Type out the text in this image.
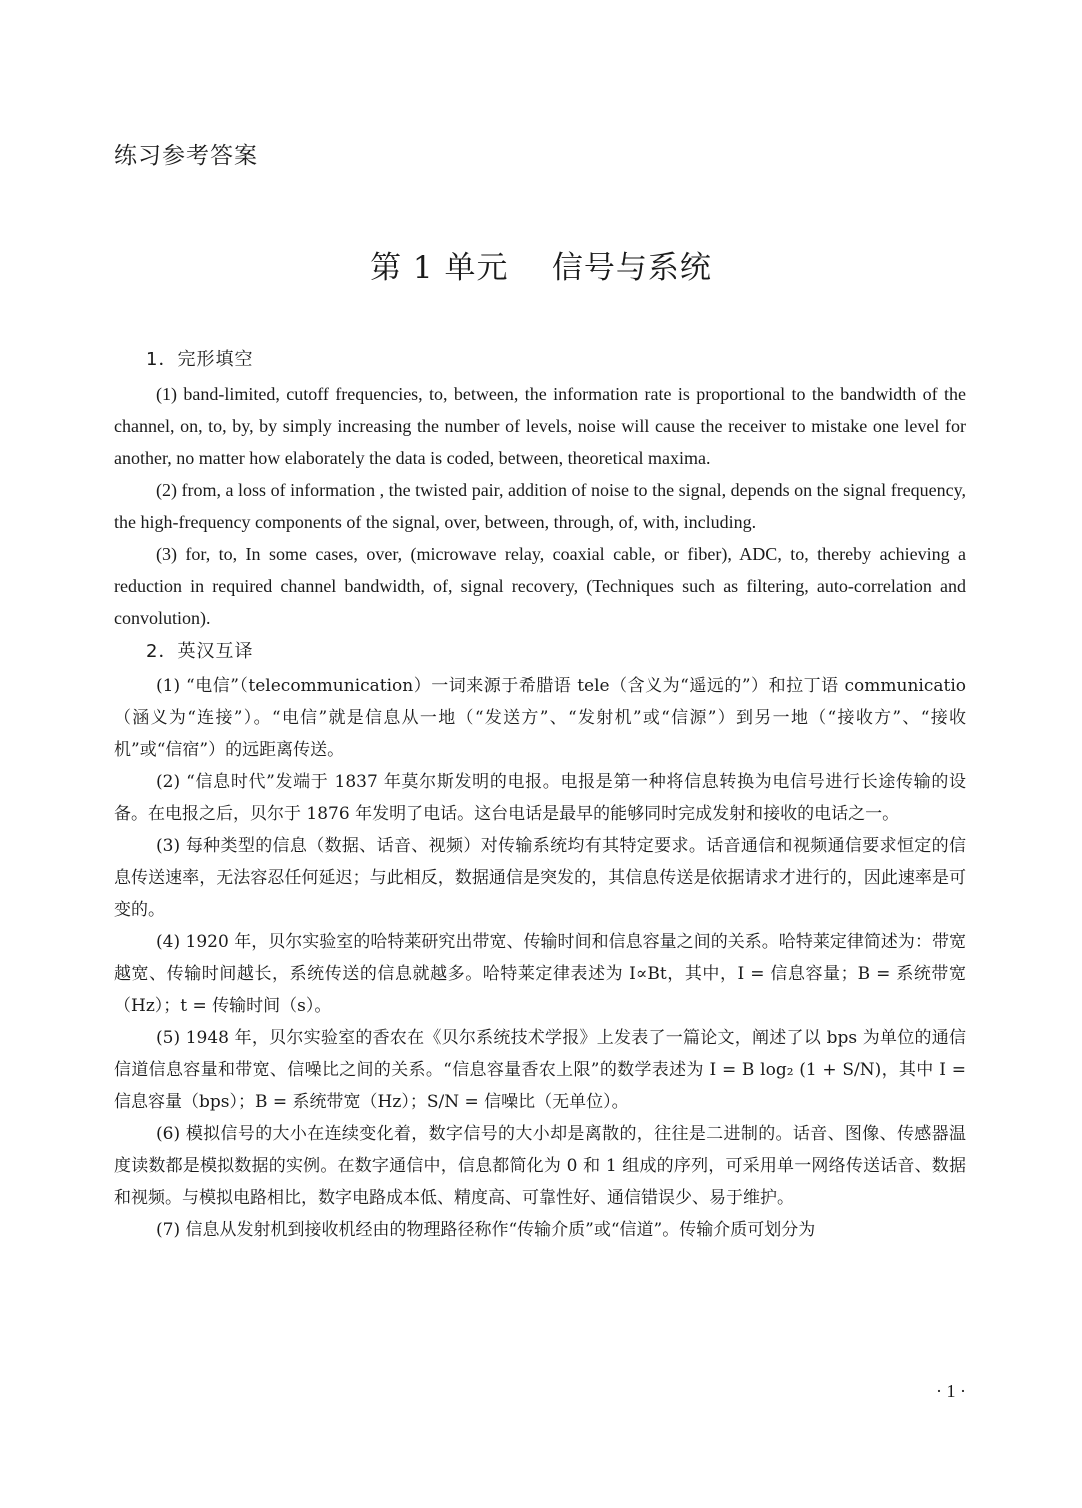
练习参考答案
第 1 单元    信号与系统
1．完形填空

(1) band-limited, cutoff frequencies, to, between, the information rate is proportional to the bandwidth of the channel, on, to, by, by simply increasing the number of levels, noise will cause the receiver to mistake one level for another, no matter how elaborately the data is coded, between, theoretical maxima.

(2) from, a loss of information , the twisted pair, addition of noise to the signal, depends on the signal frequency, the high-frequency components of the signal, over, between, through, of, with, including.

(3) for, to, In some cases, over, (microwave relay, coaxial cable, or fiber), ADC, to, thereby achieving a reduction in required channel bandwidth, of, signal recovery, (Techniques such as filtering, auto-correlation and convolution).

2．英汉互译

(1) “电信”（telecommunication）一词来源于希腊语 tele（含义为“遥远的”）和拉丁语 communicatio（涵义为“连接”）。“电信”就是信息从一地（“发送方”、“发射机”或“信源”）到另一地（“接收方”、“接收机”或“信宿”）的远距离传送。

(2) “信息时代”发端于 1837 年莫尔斯发明的电报。电报是第一种将信息转换为电信号进行长途传输的设备。在电报之后，贝尔于 1876 年发明了电话。这台电话是最早的能够同时完成发射和接收的电话之一。

(3) 每种类型的信息（数据、话音、视频）对传输系统均有其特定要求。话音通信和视频通信要求恒定的信息传送速率，无法容忍任何延迟；与此相反，数据通信是突发的，其信息传送是依据请求才进行的，因此速率是可变的。

(4) 1920 年，贝尔实验室的哈特莱研究出带宽、传输时间和信息容量之间的关系。哈特莱定律简述为：带宽越宽、传输时间越长，系统传送的信息就越多。哈特莱定律表述为 I∝Bt，其中，I = 信息容量；B = 系统带宽（Hz）；t = 传输时间（s）。

(5) 1948 年，贝尔实验室的香农在《贝尔系统技术学报》上发表了一篇论文，阐述了以 bps 为单位的通信信道信息容量和带宽、信噪比之间的关系。“信息容量香农上限”的数学表述为 I = B log₂ (1 + S/N)，其中 I = 信息容量（bps）；B = 系统带宽（Hz）；S/N = 信噪比（无单位）。

(6) 模拟信号的大小在连续变化着，数字信号的大小却是离散的，往往是二进制的。话音、图像、传感器温度读数都是模拟数据的实例。在数字通信中，信息都简化为 0 和 1 组成的序列，可采用单一网络传送话音、数据和视频。与模拟电路相比，数字电路成本低、精度高、可靠性好、通信错误少、易于维护。

(7) 信息从发射机到接收机经由的物理路径称作“传输介质”或“信道”。传输介质可划分为

· 1 ·
